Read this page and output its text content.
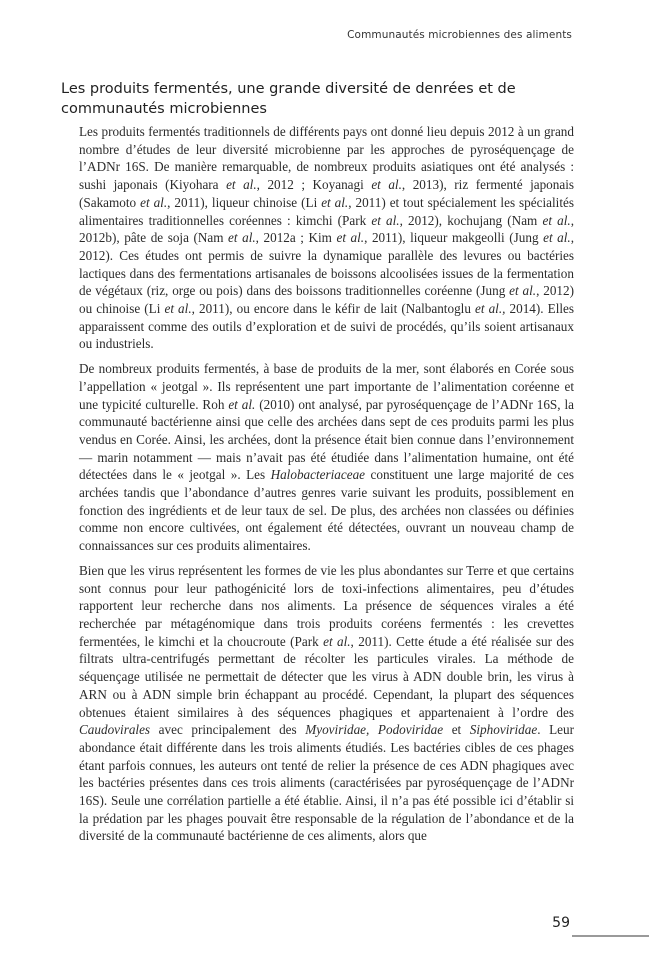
Communautés microbiennes des aliments
Les produits fermentés, une grande diversité de denrées et de communautés microbiennes

Les produits fermentés traditionnels de différents pays ont donné lieu depuis 2012 à un grand nombre d’études de leur diversité microbienne par les approches de pyroséquençage de l’ADNr 16S. De manière remarquable, de nombreux produits asiatiques ont été analysés : sushi japonais (Kiyohara et al., 2012 ; Koyanagi et al., 2013), riz fermenté japonais (Sakamoto et al., 2011), liqueur chinoise (Li et al., 2011) et tout spécialement les spécialités alimentaires traditionnelles coréennes : kimchi (Park et al., 2012), kochujang (Nam et al., 2012b), pâte de soja (Nam et al., 2012a ; Kim et al., 2011), liqueur makgeolli (Jung et al., 2012). Ces études ont permis de suivre la dynamique parallèle des levures ou bactéries lactiques dans des fermentations artisanales de boissons alcoolisées issues de la fermentation de végétaux (riz, orge ou pois) dans des boissons traditionnelles coréenne (Jung et al., 2012) ou chinoise (Li et al., 2011), ou encore dans le kéfir de lait (Nalbantoglu et al., 2014). Elles apparaissent comme des outils d’exploration et de suivi de procédés, qu’ils soient artisanaux ou industriels.

De nombreux produits fermentés, à base de produits de la mer, sont élaborés en Corée sous l’appellation « jeotgal ». Ils représentent une part importante de l’alimentation coréenne et une typicité culturelle. Roh et al. (2010) ont analysé, par pyroséquençage de l’ADNr 16S, la communauté bactérienne ainsi que celle des archées dans sept de ces produits parmi les plus vendus en Corée. Ainsi, les archées, dont la présence était bien connue dans l’environnement — marin notamment — mais n’avait pas été étudiée dans l’alimentation humaine, ont été détectées dans le « jeotgal ». Les Halobacteriaceae constituent une large majorité de ces archées tandis que l’abondance d’autres genres varie suivant les produits, possiblement en fonction des ingrédients et de leur taux de sel. De plus, des archées non classées ou définies comme non encore cultivées, ont également été détectées, ouvrant un nouveau champ de connaissances sur ces produits alimentaires.

Bien que les virus représentent les formes de vie les plus abondantes sur Terre et que certains sont connus pour leur pathogénicité lors de toxi-infections alimentaires, peu d’études rapportent leur recherche dans nos aliments. La présence de séquences virales a été recherchée par métagénomique dans trois produits coréens fermentés : les crevettes fermentées, le kimchi et la choucroute (Park et al., 2011). Cette étude a été réalisée sur des filtrats ultra-centrifugés permettant de récolter les particules virales. La méthode de séquençage utilisée ne permettait de détecter que les virus à ADN double brin, les virus à ARN ou à ADN simple brin échappant au procédé. Cependant, la plupart des séquences obtenues étaient similaires à des séquences phagiques et appartenaient à l’ordre des Caudovirales avec principalement des Myoviridae, Podoviridae et Siphoviridae. Leur abondance était différente dans les trois aliments étudiés. Les bactéries cibles de ces phages étant parfois connues, les auteurs ont tenté de relier la présence de ces ADN phagiques avec les bactéries présentes dans ces trois aliments (caractérisées par pyroséquençage de l’ADNr 16S). Seule une corrélation partielle a été établie. Ainsi, il n’a pas été possible ici d’établir si la prédation par les phages pouvait être responsable de la régulation de l’abondance et de la diversité de la communauté bactérienne de ces aliments, alors que

59
